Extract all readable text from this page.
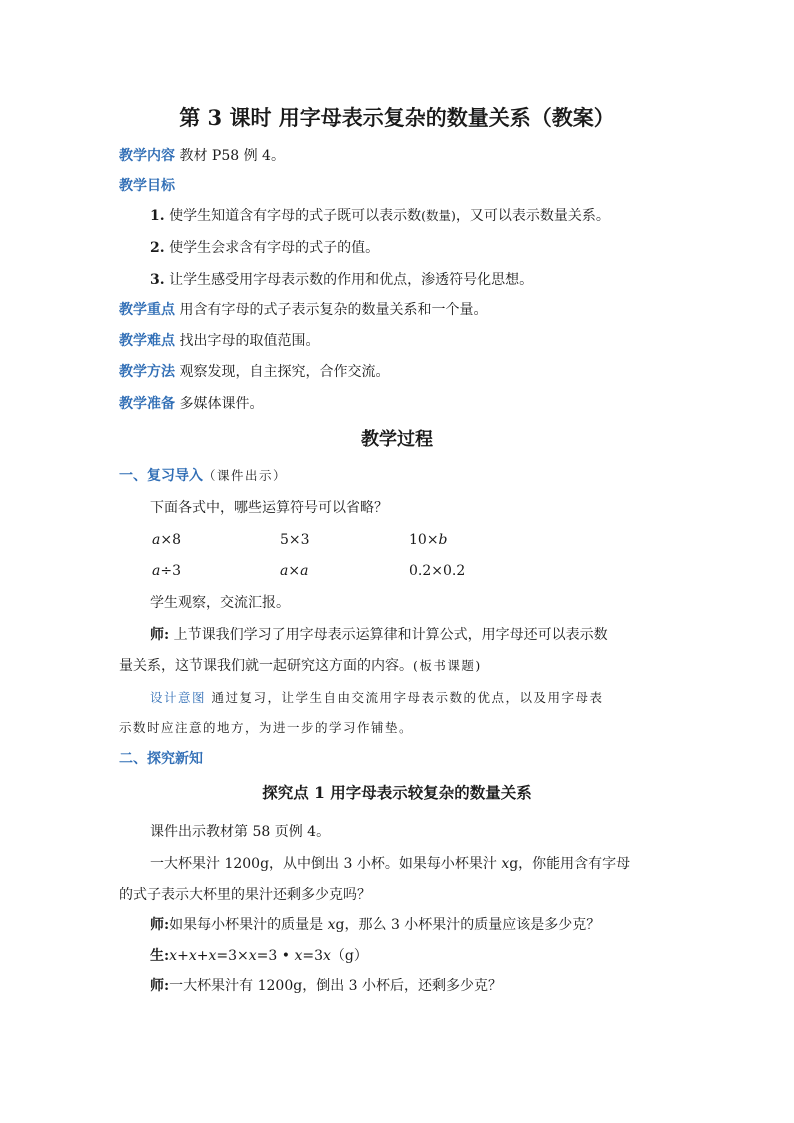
第 3 课时 用字母表示复杂的数量关系（教案）
教学内容 教材 P58 例 4。
教学目标
1. 使学生知道含有字母的式子既可以表示数(数量)，又可以表示数量关系。
2. 使学生会求含有字母的式子的值。
3. 让学生感受用字母表示数的作用和优点，渗透符号化思想。
教学重点 用含有字母的式子表示复杂的数量关系和一个量。
教学难点 找出字母的取值范围。
教学方法 观察发现，自主探究，合作交流。
教学准备 多媒体课件。
教学过程
一、复习导入（课件出示）
下面各式中，哪些运算符号可以省略？
a×8	5×3	10×b
a÷3	a×a	0.2×0.2
学生观察，交流汇报。
师: 上节课我们学习了用字母表示运算律和计算公式，用字母还可以表示数
量关系，这节课我们就一起研究这方面的内容。(板书课题)
设计意图 通过复习，让学生自由交流用字母表示数的优点，以及用字母表
示数时应注意的地方，为进一步的学习作铺垫。
二、探究新知
探究点 1 用字母表示较复杂的数量关系
课件出示教材第 58 页例 4。
一大杯果汁 1200g，从中倒出 3 小杯。如果每小杯果汁 xg，你能用含有字母
的式子表示大杯里的果汁还剩多少克吗？
师:如果每小杯果汁的质量是 xg，那么 3 小杯果汁的质量应该是多少克？
生:x+x+x=3×x=3 • x=3x（g）
师:一大杯果汁有 1200g，倒出 3 小杯后，还剩多少克？
